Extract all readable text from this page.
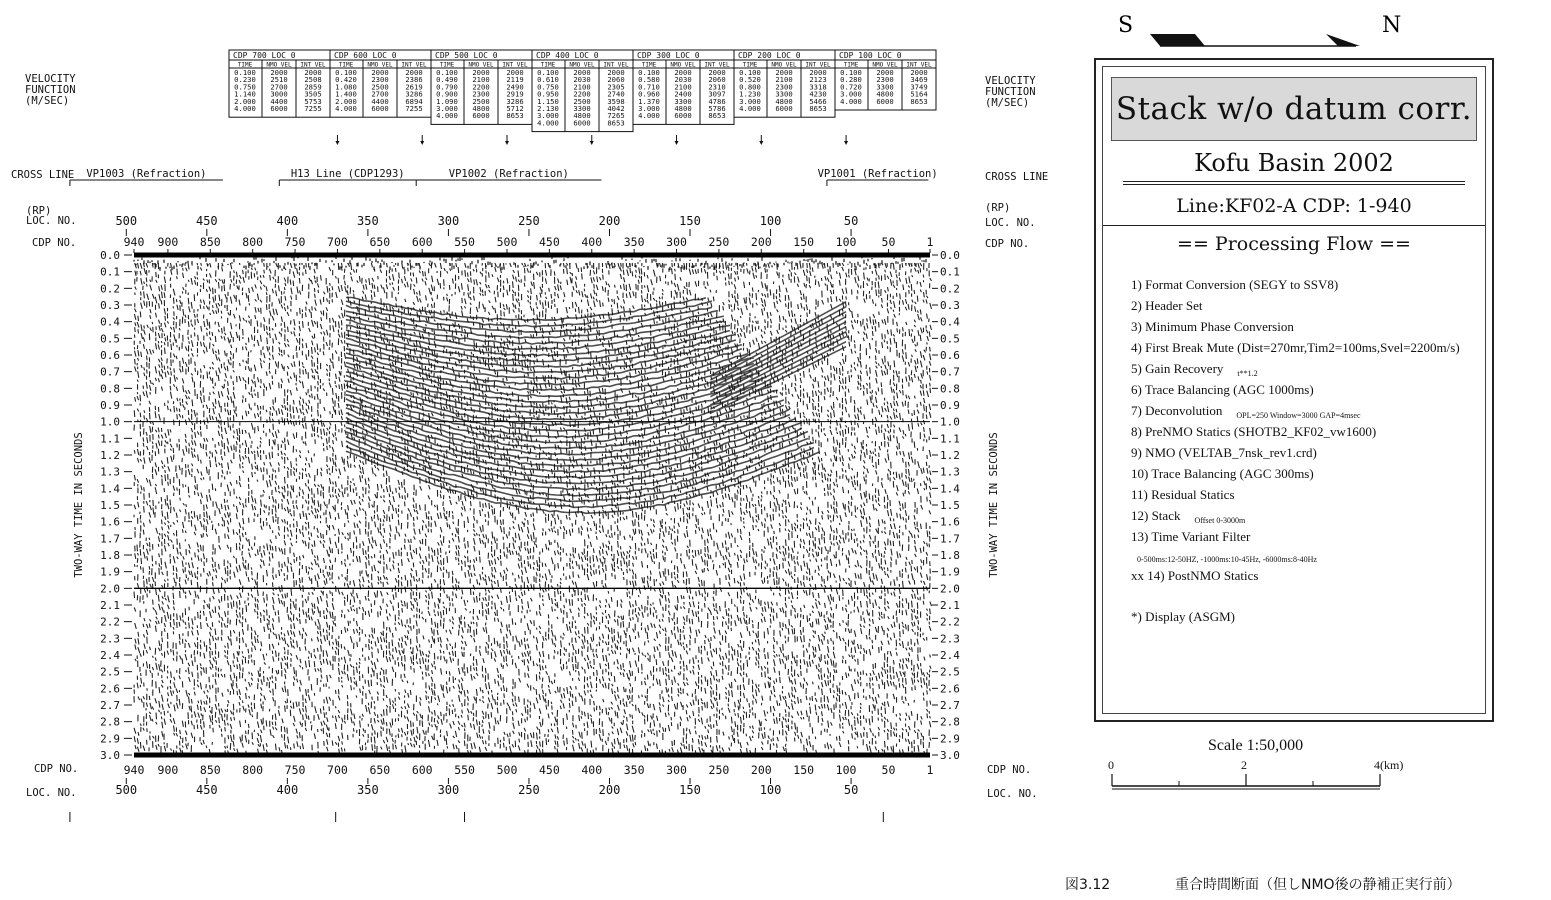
VP1003 (Refraction)	H13 Line (CDP1293)	VP1002 (Refraction)	VP1001 (Refraction)
0.0	0.0
0.1	0.1
0.2	0.2
0.3	0.3
0.4	0.4
0.5	0.5
0.6	0.6
0.7	0.7
0.8	0.8
0.9	0.9
1.0	1.0
1.1	1.1
1.2	1.2
1.3	1.3
1.4	1.4
1.5	1.5
1.6	1.6
1.7	1.7
1.8	1.8
1.9	1.9
2.0	2.0
2.1	2.1
2.2	2.2
2.3	2.3
2.4	2.4
2.5	2.5
2.6	2.6
2.7	2.7
2.8	2.8
2.9	2.9
3.0	3.0
TWO-WAY TIME IN SECONDS	TWO-WAY TIME IN SECONDS
940
940
900
900
850
850
800
800
750
750
700
700
650
650
600
600
550
550
500
500
450
450
400
400
350
350
300
300
250
250
200
200
150
150
100
100
50
50
1
1
500
500
450
450
400
400
350
350
300
300
250
250
200
200
150
150
100
100
50
50
(RP)
LOC. NO.
CDP NO.
(RP)
LOC. NO.
CDP NO.
CDP NO.
LOC. NO.
CDP NO.
LOC. NO.
VELOCITY	VELOCITY
FUNCTION	FUNCTION
(M/SEC)	(M/SEC)
CROSS LINE	CROSS LINE
CDP 700 LOC 0
TIME NMO VEL INT VEL
0.100 2000 2000
0.230 2510 2508
0.750 2700 2859
1.140 3000 3505
2.000 4400 5753
4.000 6000 7255
CDP 600 LOC 0
TIME NMO VEL INT VEL
0.100 2000 2000
0.420 2300 2386
1.080 2500 2619
1.400 2700 3286
2.000 4400 6894
4.000 6000 7255
CDP 500 LOC 0
TIME NMO VEL INT VEL
0.100 2000 2000
0.490 2100 2119
0.790 2200 2490
0.900 2300 2919
1.090 2500 3286
3.000 4800 5712
4.000 6000 8653
CDP 400 LOC 0
TIME NMO VEL INT VEL
0.100 2000 2000
0.610 2030 2060
0.750 2100 2305
0.950 2200 2740
1.150 2500 3598
2.130 3300 4042
3.000 4800 7265
4.000 6000 8653
CDP 300 LOC 0
TIME NMO VEL INT VEL
0.100 2000 2000
0.580 2030 2060
0.710 2100 2310
0.960 2400 3097
1.370 3300 4786
3.000 4800 5786
4.000 6000 8653
CDP 200 LOC 0
TIME NMO VEL INT VEL
0.100 2000 2000
0.520 2100 2123
0.800 2300 3318
1.230 3300 4230
3.000 4800 5466
4.000 6000 8653
CDP 100 LOC 0
TIME NMO VEL INT VEL
0.100 2000 2000
0.280 2300 3469
0.720 3300 3749
3.000 4800 5164
4.000 6000 8653
S	N
Stack w/o datum corr.
Kofu Basin 2002
Line:KF02-A CDP: 1-940
== Processing Flow ==
1) Format Conversion (SEGY to SSV8)
2) Header Set
3) Minimum Phase Conversion
4) First Break Mute (Dist=270mr,Tim2=100ms,Svel=2200m/s)
5) Gain Recovery $_{t**1.2}$
6) Trace Balancing (AGC 1000ms)
7) Deconvolution $_{OPL=250 Window=3000 GAP=4msec}$
8) PreNMO Statics (SHOTB2_KF02_vw1600)
9) NMO (VELTAB_7nsk_rev1.crd)
10) Trace Balancing (AGC 300ms)
11) Residual Statics
12) Stack $_{Offset 0-3000m}$
13) Time Variant Filter
0-500ms:12-50HZ, -1000ms:10-45Hz, -6000ms:8-40Hz
xx 14) PostNMO Statics
*) Display (ASGM)
Scale 1:50,000
0	2	4(km)
図3.12	重合時間断面（但しNMO後の静補正実行前）
